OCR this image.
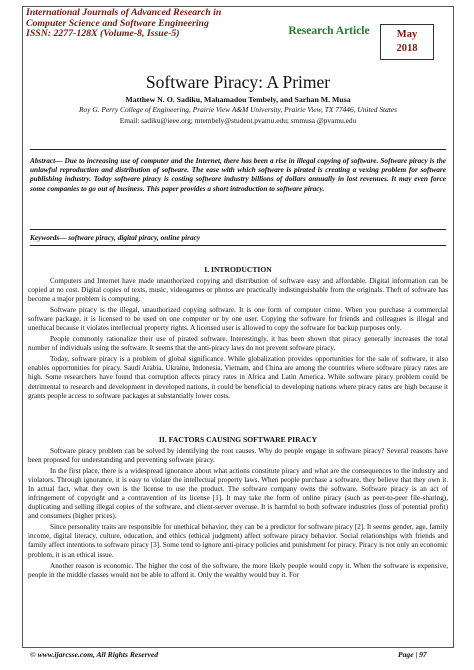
International Journals of Advanced Research in
Computer Science and Software Engineering
ISSN: 2277-128X (Volume-8, Issue-5)	Research Article	May
2018
Software Piracy: A Primer
Matthew N. O. Sadiku, Mahamadou Tembely, and Sarhan M. Musa
Roy G. Perry College of Engineering, Prairie View A&M University, Prairie View, TX 77446, United States
Email: sadiku@ieee.org; mtembely@student.pvamu.edu; smmusa @pvamu.edu
Abstract— Due to increasing use of computer and the Internet, there has been a rise in illegal copying of software. Software piracy is the unlawful reproduction and distribution of software. The ease with which software is pirated is creating a vexing problem for software publishing industry. Today software piracy is costing software industry billions of dollars annually in lost revenues. It may even force some companies to go out of business. This paper provides a short introduction to software piracy.
Keywords— software piracy, digital piracy, online piracy
I. INTRODUCTION

Computers and Internet have made unauthorized copying and distribution of software easy and affordable. Digital information can be copied at no cost. Digital copies of texts, music, videogames or photos are practically indistinguishable from the originals. Theft of software has become a major problem is computing.

Software piracy is the illegal, unauthorized copying software. It is one form of computer crime. When you purchase a commercial software package, it is licensed to be used on one computer or by one user. Copying the software for friends and colleagues is illegal and unethical because it violates intellectual property rights. A licensed user is allowed to copy the software for backup purposes only.

People commonly rationalize their use of pirated software. Interestingly, it has been shown that piracy generally increases the total number of individuals using the software. It seems that the anti-piracy laws do not prevent software piracy.

Today, software piracy is a problem of global significance. While globalization provides opportunities for the sale of software, it also enables opportunities for piracy. Saudi Arabia, Ukraine, Indonesia, Vietnam, and China are among the countries where software piracy rates are high. Some researchers have found that corruption affects piracy rates in Africa and Latin America. While software piracy problem could be detrimental to research and development in developed nations, it could be beneficial to developing nations where piracy rates are high because it grants people access to software packages at substantially lower costs.

II. FACTORS CAUSING SOFTWARE PIRACY

Software piracy problem can be solved by identifying the root causes. Why do people engage in software piracy? Several reasons have been proposed for understanding and preventing software piracy.

In the first place, there is a widespread ignorance about what actions constitute piracy and what are the consequences to the industry and violators. Through ignorance, it is easy to violate the intellectual property laws. When people purchase a software, they believe that they own it. In actual fact, what they own is the license to use the product. The software company owns the software. Software piracy is an act of infringement of copyright and a contravention of its license [1]. It may take the form of online piracy (such as peer-to-peer file-sharing), duplicating and selling illegal copies of the software, and client-server overuse. It is harmful to both software industries (loss of potential profit) and consumers (higher prices).

Since personality traits are responsible for unethical behavior, they can be a predictor for software piracy [2]. It seems gender, age, family income, digital literacy, culture, education, and ethics (ethical judgment) affect software piracy behavior. Social relationships with friends and family affect intentions to software piracy [3]. Some tend to ignore anti-piracy policies and punishment for piracy. Piracy is not only an economic problem, it is an ethical issue.

Another reason is economic. The higher the cost of the software, the more likely people would copy it. When the software is expensive, people in the middle classes would not be able to afford it. Only the wealthy would buy it. For

© www.ijarcsse.com, All Rights Reserved	Page | 97
